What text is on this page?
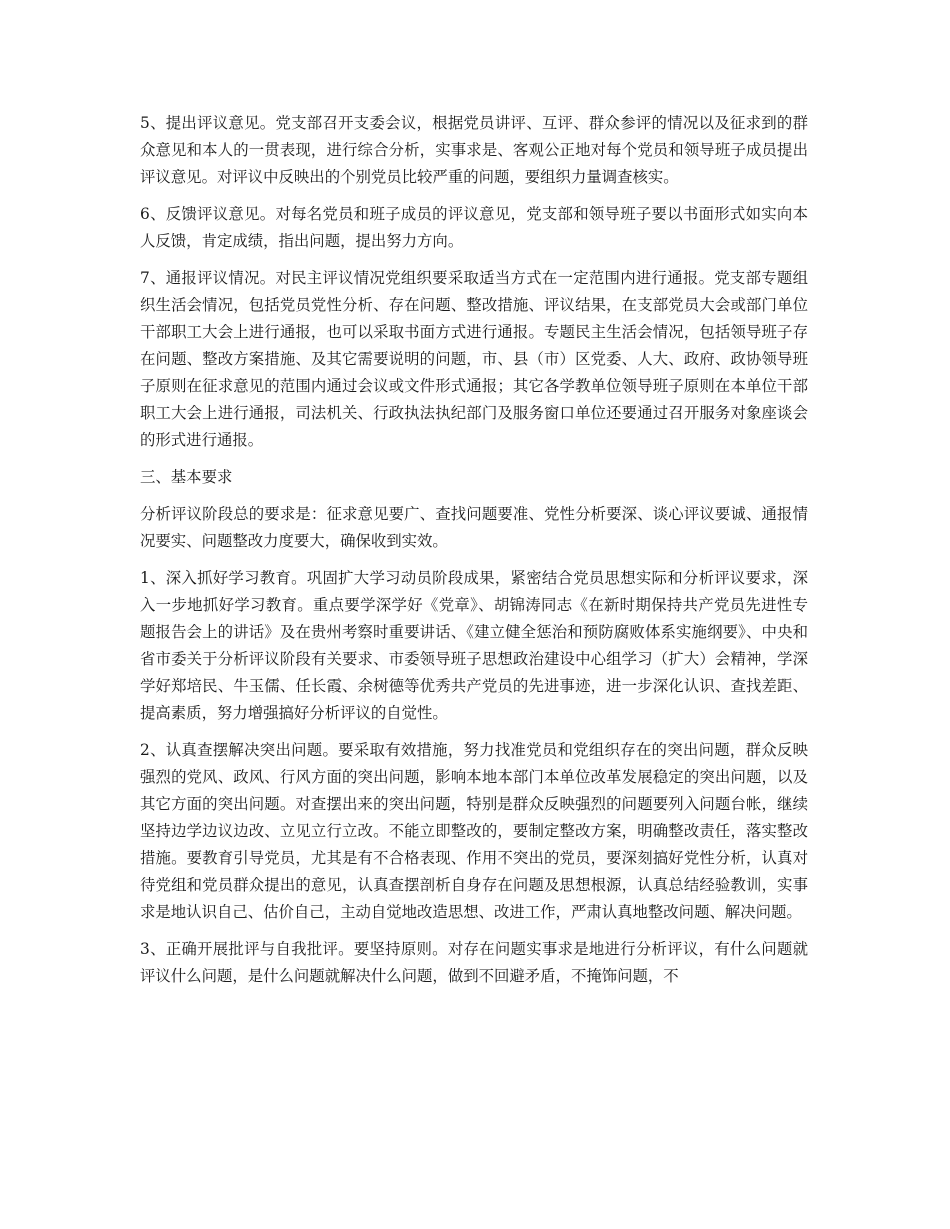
5、提出评议意见。党支部召开支委会议，根据党员讲评、互评、群众参评的情况以及征求到的群众意见和本人的一贯表现，进行综合分析，实事求是、客观公正地对每个党员和领导班子成员提出评议意见。对评议中反映出的个别党员比较严重的问题，要组织力量调查核实。

6、反馈评议意见。对每名党员和班子成员的评议意见，党支部和领导班子要以书面形式如实向本人反馈，肯定成绩，指出问题，提出努力方向。

7、通报评议情况。对民主评议情况党组织要采取适当方式在一定范围内进行通报。党支部专题组织生活会情况，包括党员党性分析、存在问题、整改措施、评议结果，在支部党员大会或部门单位干部职工大会上进行通报，也可以采取书面方式进行通报。专题民主生活会情况，包括领导班子存在问题、整改方案措施、及其它需要说明的问题，市、县（市）区党委、人大、政府、政协领导班子原则在征求意见的范围内通过会议或文件形式通报；其它各学教单位领导班子原则在本单位干部职工大会上进行通报，司法机关、行政执法执纪部门及服务窗口单位还要通过召开服务对象座谈会的形式进行通报。

三、基本要求

分析评议阶段总的要求是：征求意见要广、查找问题要准、党性分析要深、谈心评议要诚、通报情况要实、问题整改力度要大，确保收到实效。

1、深入抓好学习教育。巩固扩大学习动员阶段成果，紧密结合党员思想实际和分析评议要求，深入一步地抓好学习教育。重点要学深学好《党章》、胡锦涛同志《在新时期保持共产党员先进性专题报告会上的讲话》及在贵州考察时重要讲话、《建立健全惩治和预防腐败体系实施纲要》、中央和省市委关于分析评议阶段有关要求、市委领导班子思想政治建设中心组学习（扩大）会精神，学深学好郑培民、牛玉儒、任长霞、余树德等优秀共产党员的先进事迹，进一步深化认识、查找差距、提高素质，努力增强搞好分析评议的自觉性。

2、认真查摆解决突出问题。要采取有效措施，努力找准党员和党组织存在的突出问题，群众反映强烈的党风、政风、行风方面的突出问题，影响本地本部门本单位改革发展稳定的突出问题，以及其它方面的突出问题。对查摆出来的突出问题，特别是群众反映强烈的问题要列入问题台帐，继续坚持边学边议边改、立见立行立改。不能立即整改的，要制定整改方案，明确整改责任，落实整改措施。要教育引导党员，尤其是有不合格表现、作用不突出的党员，要深刻搞好党性分析，认真对待党组和党员群众提出的意见，认真查摆剖析自身存在问题及思想根源，认真总结经验教训，实事求是地认识自己、估价自己，主动自觉地改造思想、改进工作，严肃认真地整改问题、解决问题。

3、正确开展批评与自我批评。要坚持原则。对存在问题实事求是地进行分析评议，有什么问题就评议什么问题，是什么问题就解决什么问题，做到不回避矛盾，不掩饰问题，不
